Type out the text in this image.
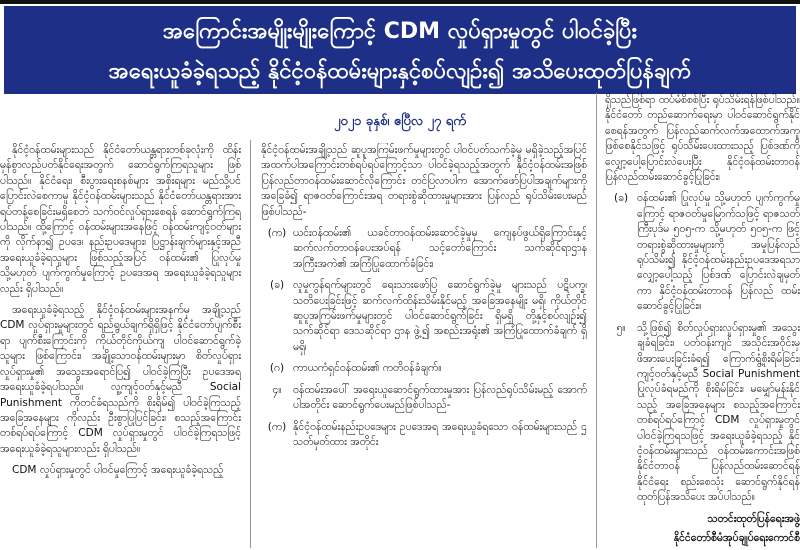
အကြောင်းအမျိုးမျိုးကြောင့် CDM လှုပ်ရှားမှုတွင် ပါဝင်ခဲ့ပြီး
အရေးယူခံခဲ့ရသည့် နိုင်ငံ့ဝန်ထမ်းများနှင့်စပ်လျဉ်း၍ အသိပေးထုတ်ပြန်ချက်
၂၀၂၁ ခုနှစ်၊ ဧပြီလ ၂၇ ရက်

နိုင်ငံ့ဝန်ထမ်းများသည် နိုင်ငံတော်ယန္တရားတစ်ခုလုံးကို ထိန်းမှန်စွာလည်ပတ်နိုင်ရေးအတွက် ဆောင်ရွက်ကြရသူများ ဖြစ်ပါသည်။ နိုင်ငံရေး၊ စီးပွားရေးစနစ်များ အစိုးရများ မည်သို့ပင် ပြောင်းလဲစေကာမူ နိုင်ငံ့ဝန်ထမ်းများသည် နိုင်ငံတော်ယန္တရားအား ရပ်တန့်စေခြင်းမရှိစေဘဲ သက်ဝင်လှုပ်ရှားစေရန် ဆောင်ရွက်ကြရပါသည်။ ထို့ကြောင့် ဝန်ထမ်းများအနေဖြင့် ဝန်ထမ်းကျင့်ဝတ်များကို လိုက်နာ၍ ဥပဒေ၊ နည်းဥပဒေများ၊ ပြဋ္ဌာန်းချက်များနှင့်အညီ အရေးယူခံခဲ့ရသူများ ဖြစ်သည့်အပြင် ဝန်ထမ်း၏ ပြုလုပ်မှု သို့မဟုတ် ပျက်ကွက်မှုကြောင့် ဥပဒေအရ အရေးယူခံခဲ့ရသူများလည်း ရှိပါသည်။

အရေးယူခံခဲ့ရသည့် နိုင်ငံ့ဝန်ထမ်းများအနက်မှ အချို့သည် CDM လှုပ်ရှားမှုများတွင် ရည်ရွယ်ချက်ရှိရှိဖြင့် နိုင်ငံတော်ပျက်စီးရာ ပျက်စီးကြောင်းကို ကိုယ်တိုင်ကိုယ်ကျ ပါဝင်ဆောင်ရွက်ခဲ့သူများ ဖြစ်ကြောင်း၊ အချို့သောဝန်ထမ်းများမှာ စိတ်လှုပ်ရှားလှုပ်ရှားမှု၏ အသွေးအရောင်ပြ၍ ပါဝင်ခဲ့ကြပြီး ဥပဒေအရ အရေးယူခံခဲ့ရပါသည်။ လူ့ကျင့်ဝတ်နှင့်မညီ Social Punishment ကိုတင်ခံရသည်ကို စိုးရိမ်၍ ပါဝင်ခဲ့ကြသည့် အခြေအနေများ ကိုလည်း ဦးစွာပြုပြင်ခြင်း၊ စသည့်အကြောင်းတစ်ရပ်ရပ်ကြောင့် CDM လှုပ်ရှားမှုတွင် ပါဝင်ခဲ့ကြရသဖြင့် အရေးယူခံခဲ့ရသူများလည်း ရှိပါသည်။

CDM လှုပ်ရှားမှုတွင် ပါဝင်မှုကြောင့် အရေးယူခံခဲ့ရသည့်

နိုင်ငံ့ဝန်ထမ်းအချို့သည် ဆူပူအကြမ်းဖက်မှုများတွင် ပါဝင်ပတ်သက်ခဲ့မှု မရှိခဲ့သည့်အပြင် အထက်ပါအကြောင်းတစ်ရပ်ရပ်ကြောင့်သာ ပါဝင်ခဲ့ရသည့်အတွက် နိုင်ငံ့ဝန်ထမ်းအဖြစ် ပြန်လည်တာဝန်ထမ်းဆောင်လိုကြောင်း တင်ပြလာပါက အောက်ဖော်ပြပါအချက်များကို အခြေခံ၍ ရာဇဝတ်ကြောင်းအရ တရားစွဲဆိုထားမှုများအား ပြန်လည် ရုပ်သိမ်းပေးမည်ဖြစ်ပါသည်-

(က) ယင်းဝန်ထမ်း၏ ယခင်တာဝန်ထမ်းဆောင်ခဲ့မှုမှ ကျေနပ်ဖွယ်ရှိကြောင်းနှင့် ဆက်လက်တာဝန်ပေးအပ်ရန် သင့်တော်ကြောင်း သက်ဆိုင်ရာဌာနအကြီးအကဲ၏ အကြံပြုထောက်ခံခြင်း၊
(ခ) လူမှုကွန်ရက်များတွင် ရေးသားဖော်ပြ ဆောင်ရွက်ခဲ့မှု များသည် ပဋိပက္ခ၊ သတိပေးခြင်းဖြင့် ဆက်လက်ထိန်းသိမ်းနိုင်မည့် အခြေအနေမျိုး မရှိ၊ ကိုယ်တိုင် ဆူပူအကြမ်းဖက်မှုများတွင် ပါဝင်ဆောင်ရွက်ခြင်း ရှိမရှိ တို့နှင့်စပ်လျဉ်း၍ သက်ဆိုင်ရာ ဒေသဆိုင်ရာ ဌာန ဖွဲ့၍ အစည်းအရုံး၏ အကြံပြုထောက်ခံချက် ရှိမရှိ၊
(ဂ) ကာယကံရှင်ဝန်ထမ်း၏ ကတိဝန်ခံချက်။
၄။	ဝန်ထမ်းအပေါ် အရေးယူဆောင်ရွက်ထားမှုအား ပြန်လည်ရုပ်သိမ်းမည့် အောက်ပါအတိုင်း ဆောင်ရွက်ပေးမည်ဖြစ်ပါသည်-
(က) နိုင်ငံ့ဝန်ထမ်းနည်းဥပဒေများ ဥပဒေအရ အရေးယူခံရသော ဝန်ထမ်းများသည် ဌ သတ်မှတ်ထား အတိုင်း

ရှိသည်ဖြစ်ရာ ထပ်မံစိစစ်ပြီး ရုပ်သိမ်းရန်ဖြစ်ပါသည်။ နိုင်ငံတော် တည်ဆောက်ရေးမှာ ပါဝင်ဆောင်ရွက်နိုင်စေရန်အတွက် ပြန်လည်ဆက်လက်အထောက်အကူဖြစ်စေနိုင်သဖြင့် ရုပ်သိမ်းပေးထားသည့် ပြစ်ဒဏ်ကို လျှော့ပေါ့ပြောင်းလဲပေးပြီး နိုင်ငံ့ဝန်ထမ်းတာဝန် ပြန်လည်ထမ်းဆောင်ခွင့်ပြုခြင်း၊

(ခ) ဝန်ထမ်း၏ ပြုလုပ်မှု သို့မဟုတ် ပျက်ကွက်မှုကြောင့် ရာဇဝတ်မှုမြောက်သဖြင့် ရာဇသတ်ကြီးပုဒ်မ ၅၀၅-က သို့မဟုတ် ၅၀၅-က ဖြင့် တရားစွဲဆိုထားမှုများကို အမှုပြန်လည်ရုပ်သိမ်း၍ နိုင်ငံ့ဝန်ထမ်းနည်းဥပဒေအရသာ လျှော့ပေါ့သည့် ပြစ်ဒဏ် ပြောင်းလဲချမှတ်ကာ နိုင်ငံ့ဝန်ထမ်းတာဝန် ပြန်လည် ထမ်းဆောင်ခွင့်ပြုခြင်း။
၅။	သို့ဖြစ်၍ စိတ်လှုပ်ရှားလှုပ်ရှားမှု၏ အသွေးချခံရခြင်း၊ ပတ်ဝန်းကျင် အသိုင်းအဝိုင်းမှ ဖိအားပေးခြင်းခံရ၍ ကြောက်ရွံ့စိုးရိမ်ခြင်း၊ ကျင့်ဝတ်နှင့်မညီ Social Punishment ပြုလုပ်ခံရမည်ကို စိုးရိမ်ခြင်း၊ မမျှော်မှန်းနိုင်သည့် အခြေအနေများ စသည့်အကြောင်းတစ်ရပ်ရပ်ကြောင့် CDM လှုပ်ရှားမှုတွင် ပါဝင်ခဲ့ကြရသဖြင့် အရေးယူခံခဲ့ရသည့် နိုင်ငံ့ဝန်ထမ်းများသည် ဝန်ထမ်းကောင်းအဖြစ် နိုင်ငံတာဝန် ပြန်လည်ထမ်းဆောင်ရန် နိုင်ငံရေး စည်းစေသုံး ဆောင်ရွက်နိုင်ရန် ထုတ်ပြန်အသိပေး အပ်ပါသည်။
သတင်းထုတ်ပြန်ရေးအဖွဲ့
နိုင်ငံတော်စီမံအုပ်ချုပ်ရေးကောင်စီ
